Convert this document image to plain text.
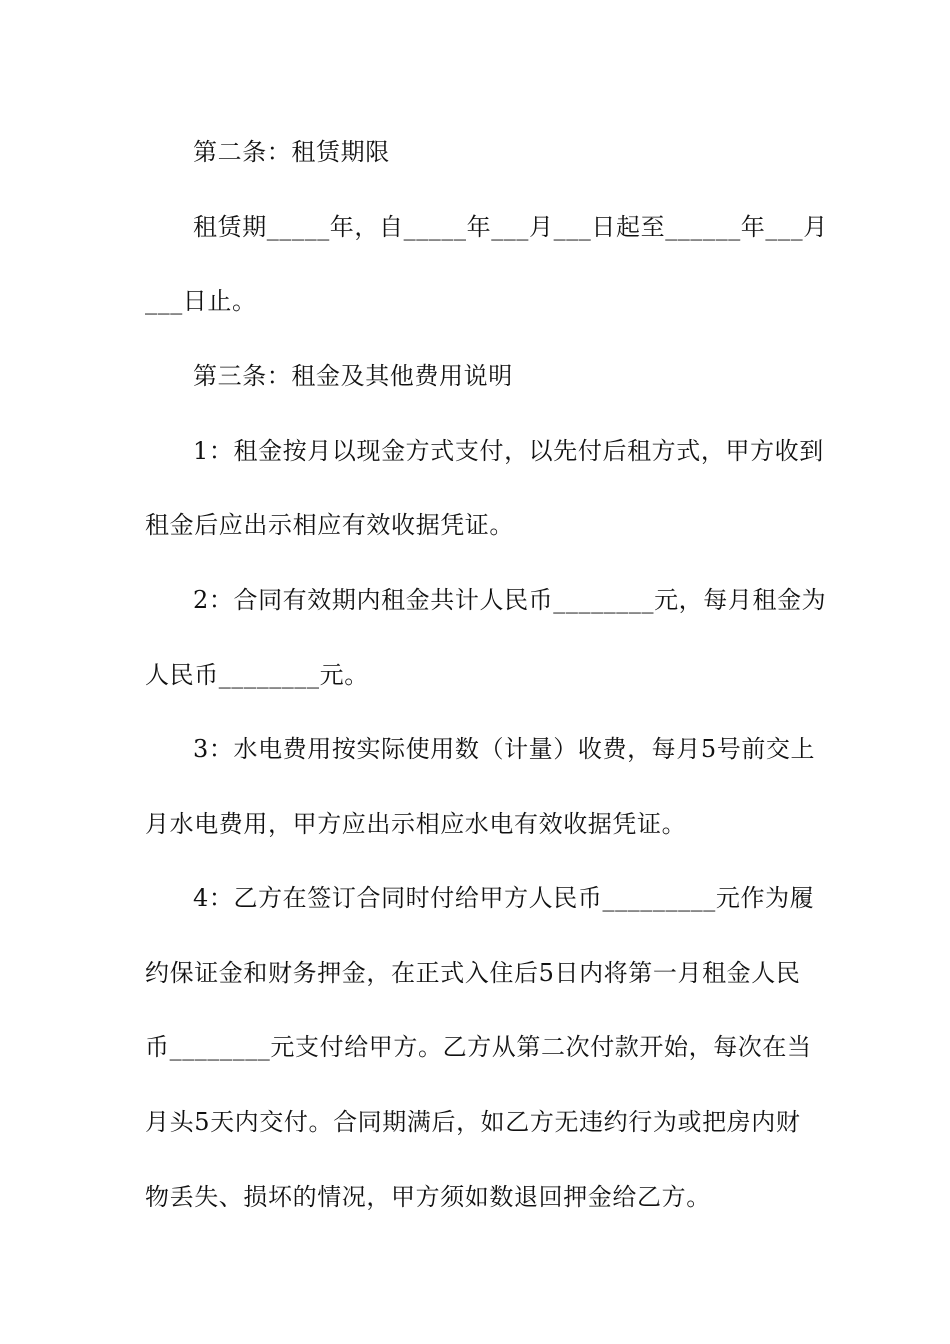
第二条：租赁期限
租赁期_____年，自_____年___月___日起至______年___月
___日止。
第三条：租金及其他费用说明
1：租金按月以现金方式支付，以先付后租方式，甲方收到
租金后应出示相应有效收据凭证。
2：合同有效期内租金共计人民币________元，每月租金为
人民币________元。
3：水电费用按实际使用数（计量）收费，每月5号前交上
月水电费用，甲方应出示相应水电有效收据凭证。
4：乙方在签订合同时付给甲方人民币_________元作为履
约保证金和财务押金，在正式入住后5日内将第一月租金人民
币________元支付给甲方。乙方从第二次付款开始，每次在当
月头5天内交付。合同期满后，如乙方无违约行为或把房内财
物丢失、损坏的情况，甲方须如数退回押金给乙方。
